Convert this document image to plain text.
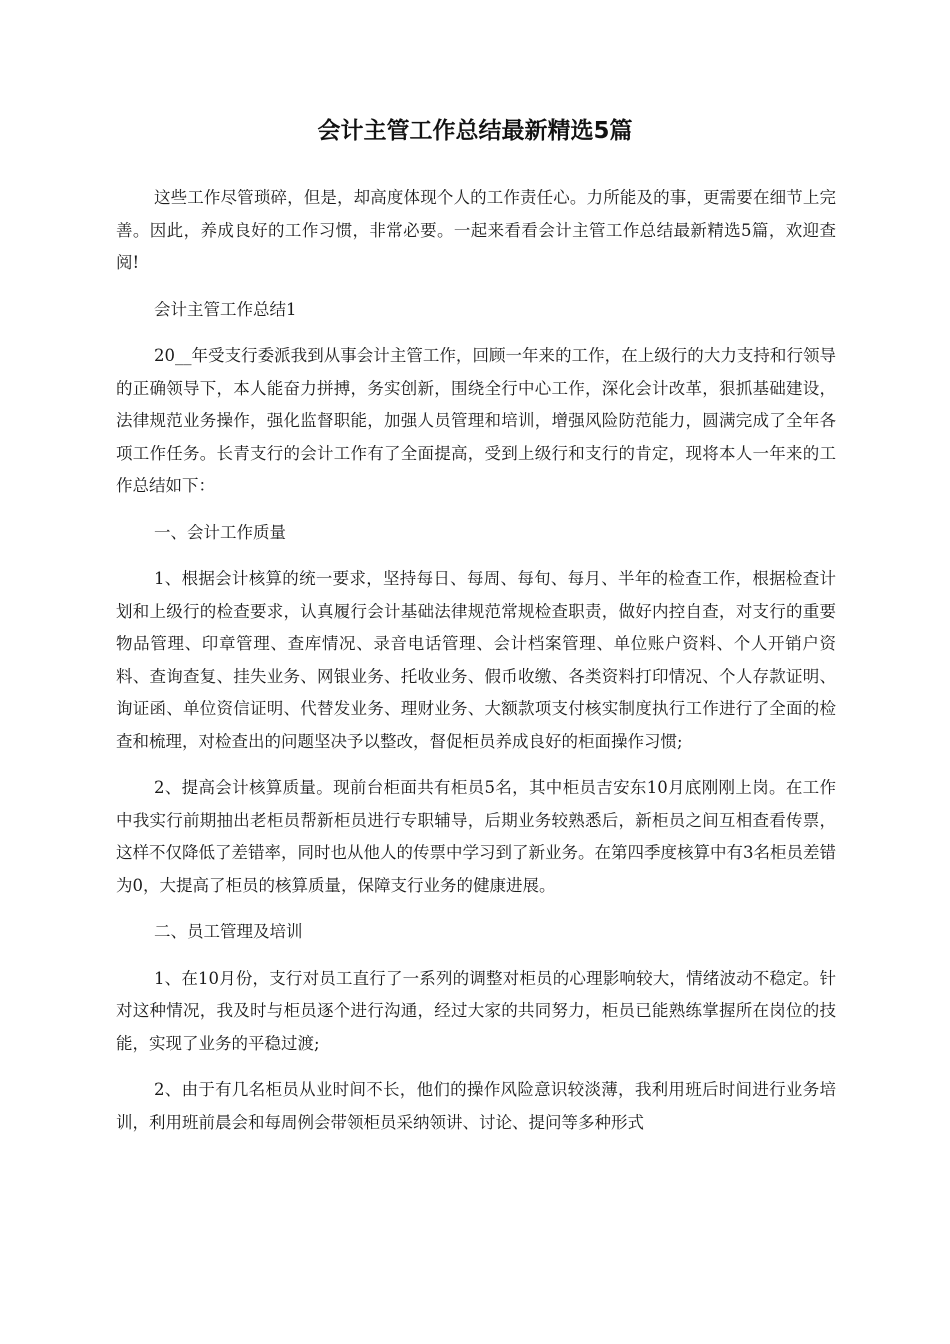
会计主管工作总结最新精选5篇

这些工作尽管琐碎，但是，却高度体现个人的工作责任心。力所能及的事，更需要在细节上完善。因此，养成良好的工作习惯，非常必要。一起来看看会计主管工作总结最新精选5篇，欢迎查阅!

会计主管工作总结1

20__年受支行委派我到从事会计主管工作，回顾一年来的工作，在上级行的大力支持和行领导的正确领导下，本人能奋力拼搏，务实创新，围绕全行中心工作，深化会计改革，狠抓基础建设，法律规范业务操作，强化监督职能，加强人员管理和培训，增强风险防范能力，圆满完成了全年各项工作任务。长青支行的会计工作有了全面提高，受到上级行和支行的肯定，现将本人一年来的工作总结如下：

一、会计工作质量

1、根据会计核算的统一要求，坚持每日、每周、每旬、每月、半年的检查工作，根据检查计划和上级行的检查要求，认真履行会计基础法律规范常规检查职责，做好内控自查，对支行的重要物品管理、印章管理、查库情况、录音电话管理、会计档案管理、单位账户资料、个人开销户资料、查询查复、挂失业务、网银业务、托收业务、假币收缴、各类资料打印情况、个人存款证明、询证函、单位资信证明、代替发业务、理财业务、大额款项支付核实制度执行工作进行了全面的检查和梳理，对检查出的问题坚决予以整改，督促柜员养成良好的柜面操作习惯;

2、提高会计核算质量。现前台柜面共有柜员5名，其中柜员吉安东10月底刚刚上岗。在工作中我实行前期抽出老柜员帮新柜员进行专职辅导，后期业务较熟悉后，新柜员之间互相查看传票，这样不仅降低了差错率，同时也从他人的传票中学习到了新业务。在第四季度核算中有3名柜员差错为0，大提高了柜员的核算质量，保障支行业务的健康进展。

二、员工管理及培训

1、在10月份，支行对员工直行了一系列的调整对柜员的心理影响较大，情绪波动不稳定。针对这种情况，我及时与柜员逐个进行沟通，经过大家的共同努力，柜员已能熟练掌握所在岗位的技能，实现了业务的平稳过渡;

2、由于有几名柜员从业时间不长，他们的操作风险意识较淡薄，我利用班后时间进行业务培训，利用班前晨会和每周例会带领柜员采纳领讲、讨论、提问等多种形式
